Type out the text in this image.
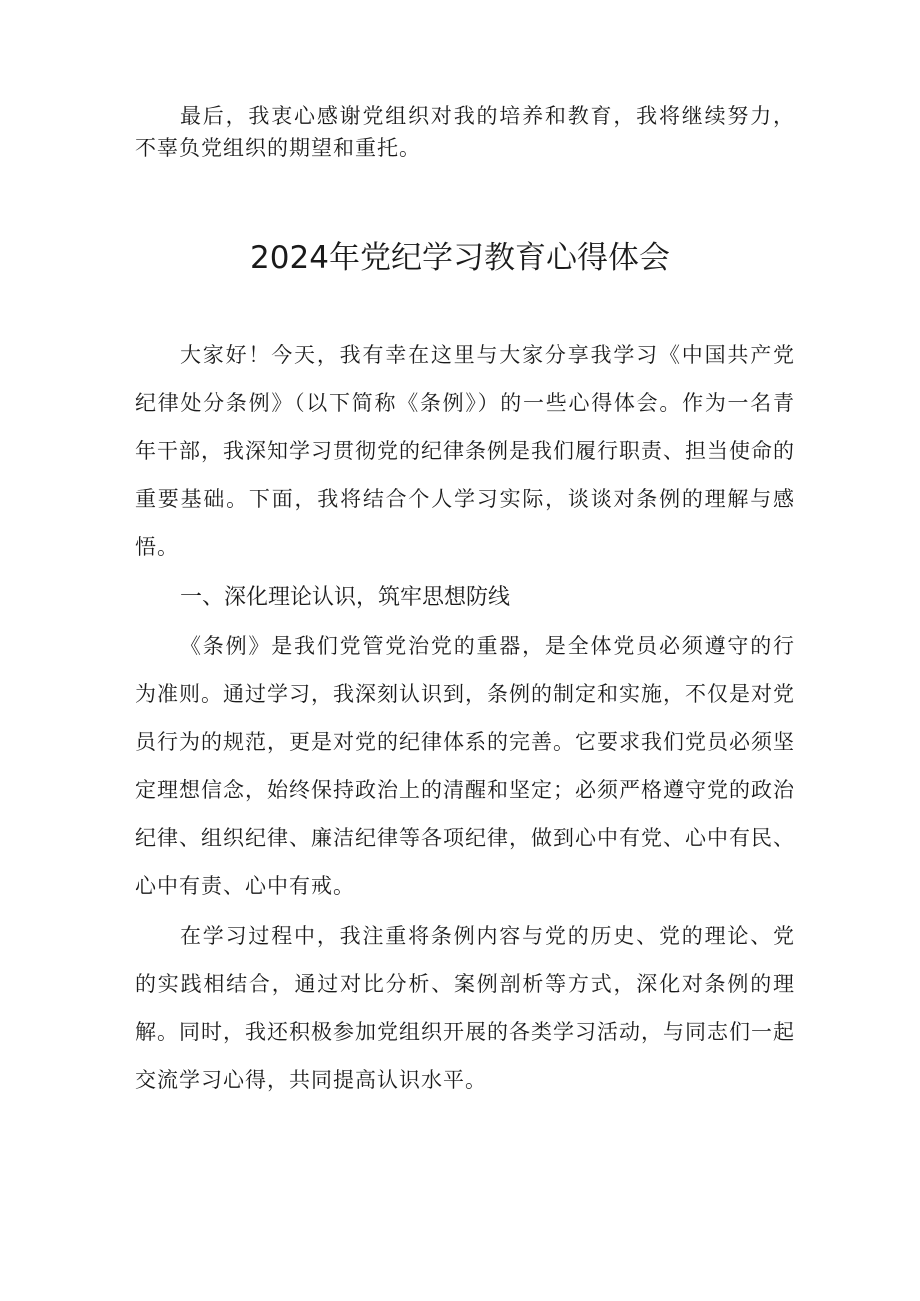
最后，我衷心感谢党组织对我的培养和教育，我将继续努力，不辜负党组织的期望和重托。

2024年党纪学习教育心得体会

大家好！今天，我有幸在这里与大家分享我学习《中国共产党纪律处分条例》（以下简称《条例》）的一些心得体会。作为一名青年干部，我深知学习贯彻党的纪律条例是我们履行职责、担当使命的重要基础。下面，我将结合个人学习实际，谈谈对条例的理解与感悟。

一、深化理论认识，筑牢思想防线

《条例》是我们党管党治党的重器，是全体党员必须遵守的行为准则。通过学习，我深刻认识到，条例的制定和实施，不仅是对党员行为的规范，更是对党的纪律体系的完善。它要求我们党员必须坚定理想信念，始终保持政治上的清醒和坚定；必须严格遵守党的政治纪律、组织纪律、廉洁纪律等各项纪律，做到心中有党、心中有民、心中有责、心中有戒。

在学习过程中，我注重将条例内容与党的历史、党的理论、党的实践相结合，通过对比分析、案例剖析等方式，深化对条例的理解。同时，我还积极参加党组织开展的各类学习活动，与同志们一起交流学习心得，共同提高认识水平。
